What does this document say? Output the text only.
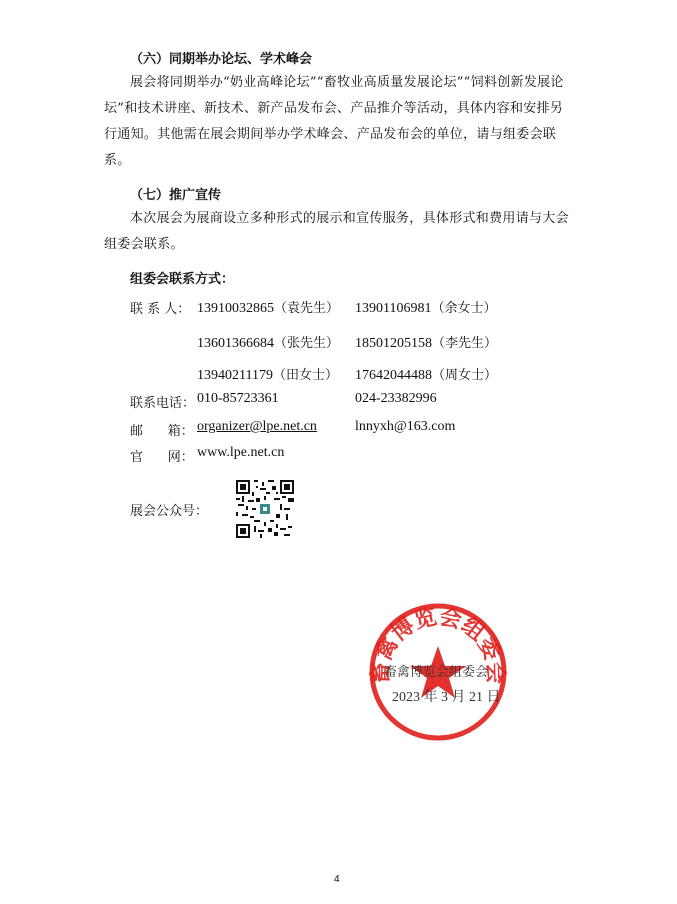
（六）同期举办论坛、学术峰会
展会将同期举办“奶业高峰论坛”“畜牧业高质量发展论坛”“饲料创新发展论坛”和技术讲座、新技术、新产品发布会、产品推介等活动，具体内容和安排另行通知。其他需在展会期间举办学术峰会、产品发布会的单位，请与组委会联系。
（七）推广宣传
本次展会为展商设立多种形式的展示和宣传服务，具体形式和费用请与大会组委会联系。
组委会联系方式：
联 系 人： 13910032865（袁先生） 13901106981（余女士）
13601366684（张先生） 18501205158（李先生）
13940211179（田女士） 17642044488（周女士）
联系电话： 010-85723361	024-23382996
邮      箱： organizer@lpe.net.cn	lnnyxh@163.com
官      网： www.lpe.net.cn
展会公众号：
畜禽博览会组委会
畜禽博览会组委会
2023 年 3 月 21 日
4
